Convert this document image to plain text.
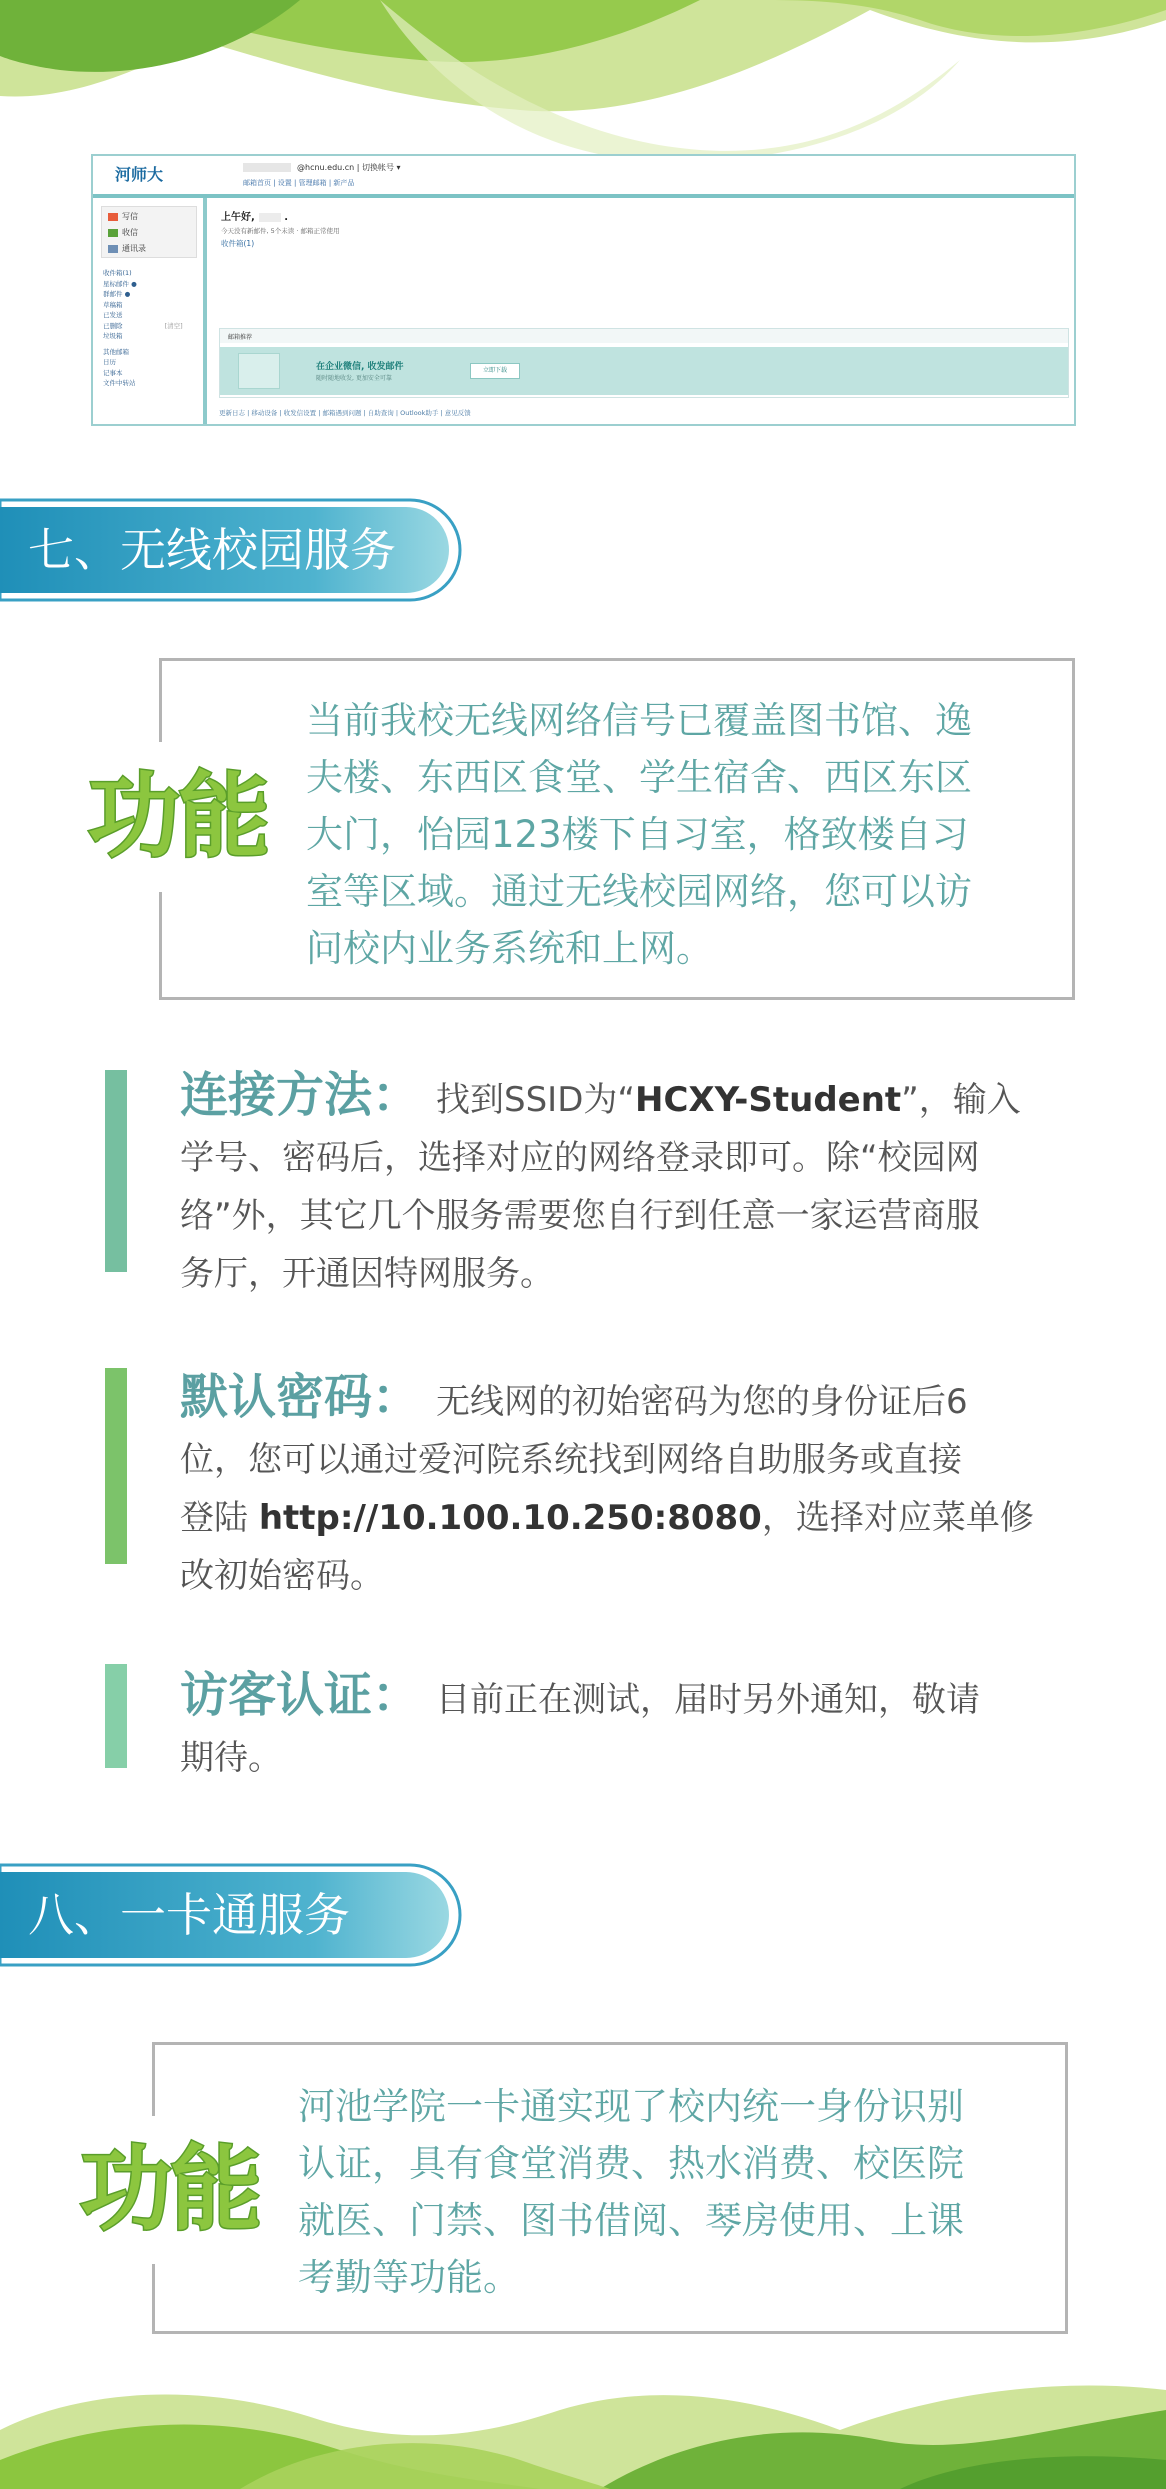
河师大	@hcnu.edu.cn | 切换帐号 ▾
邮箱首页 | 设置 | 管理邮箱 | 新产品
写信
收信
通讯录
收件箱(1)
星标邮件 ●
群邮件 ●
草稿箱
已发送
已删除	[清空]
垃圾箱
其他邮箱
日历
记事本
文件中转站
上午好,	.
今天没有新邮件, 5个未读 · 邮箱正常使用
收件箱(1)
邮箱推荐
在企业微信, 收发邮件
随时随地收发, 更加安全可靠
立即下载
更新日志 | 移动设备 | 收发信设置 | 邮箱遇到问题 | 自助查询 | Outlook助手 | 意见反馈
七、无线校园服务
功能
当前我校无线网络信号已覆盖图书馆、逸
夫楼、东西区食堂、学生宿舍、西区东区
大门，怡园123楼下自习室，格致楼自习
室等区域。通过无线校园网络，您可以访
问校内业务系统和上网。
连接方法： 找到SSID为“HCXY-Student”，输入
学号、密码后，选择对应的网络登录即可。除“校园网
络”外，其它几个服务需要您自行到任意一家运营商服
务厅，开通因特网服务。
默认密码： 无线网的初始密码为您的身份证后6
位，您可以通过爱河院系统找到网络自助服务或直接
登陆 http://10.100.10.250:8080，选择对应菜单修
改初始密码。
访客认证： 目前正在测试，届时另外通知，敬请
期待。
八、一卡通服务
功能
河池学院一卡通实现了校内统一身份识别
认证，具有食堂消费、热水消费、校医院
就医、门禁、图书借阅、琴房使用、上课
考勤等功能。
